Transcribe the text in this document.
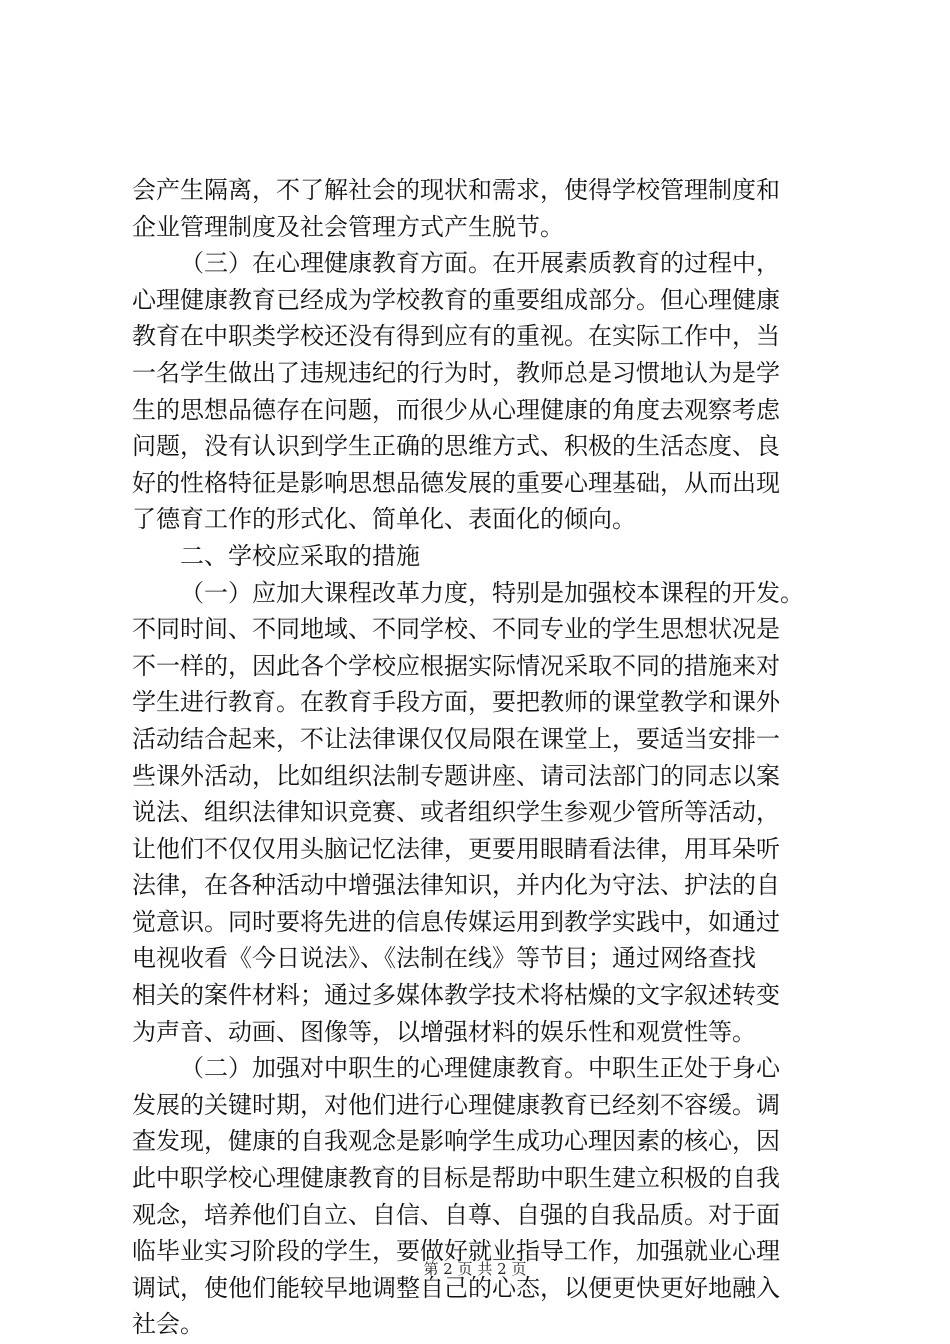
会产生隔离，不了解社会的现状和需求，使得学校管理制度和
企业管理制度及社会管理方式产生脱节。
（三）在心理健康教育方面。在开展素质教育的过程中，
心理健康教育已经成为学校教育的重要组成部分。但心理健康
教育在中职类学校还没有得到应有的重视。在实际工作中，当
一名学生做出了违规违纪的行为时，教师总是习惯地认为是学
生的思想品德存在问题，而很少从心理健康的角度去观察考虑
问题，没有认识到学生正确的思维方式、积极的生活态度、良
好的性格特征是影响思想品德发展的重要心理基础，从而出现
了德育工作的形式化、简单化、表面化的倾向。
二、学校应采取的措施
（一）应加大课程改革力度，特别是加强校本课程的开发。
不同时间、不同地域、不同学校、不同专业的学生思想状况是
不一样的，因此各个学校应根据实际情况采取不同的措施来对
学生进行教育。在教育手段方面，要把教师的课堂教学和课外
活动结合起来，不让法律课仅仅局限在课堂上，要适当安排一
些课外活动，比如组织法制专题讲座、请司法部门的同志以案
说法、组织法律知识竞赛、或者组织学生参观少管所等活动，
让他们不仅仅用头脑记忆法律，更要用眼睛看法律，用耳朵听
法律，在各种活动中增强法律知识，并内化为守法、护法的自
觉意识。同时要将先进的信息传媒运用到教学实践中，如通过
电视收看《今日说法》、《法制在线》等节目；通过网络查找
相关的案件材料；通过多媒体教学技术将枯燥的文字叙述转变
为声音、动画、图像等，以增强材料的娱乐性和观赏性等。
（二）加强对中职生的心理健康教育。中职生正处于身心
发展的关键时期，对他们进行心理健康教育已经刻不容缓。调
查发现，健康的自我观念是影响学生成功心理因素的核心，因
此中职学校心理健康教育的目标是帮助中职生建立积极的自我
观念，培养他们自立、自信、自尊、自强的自我品质。对于面
临毕业实习阶段的学生，要做好就业指导工作，加强就业心理
调试，使他们能较早地调整自己的心态，以便更快更好地融入
社会。
第 2 页 共 2 页
